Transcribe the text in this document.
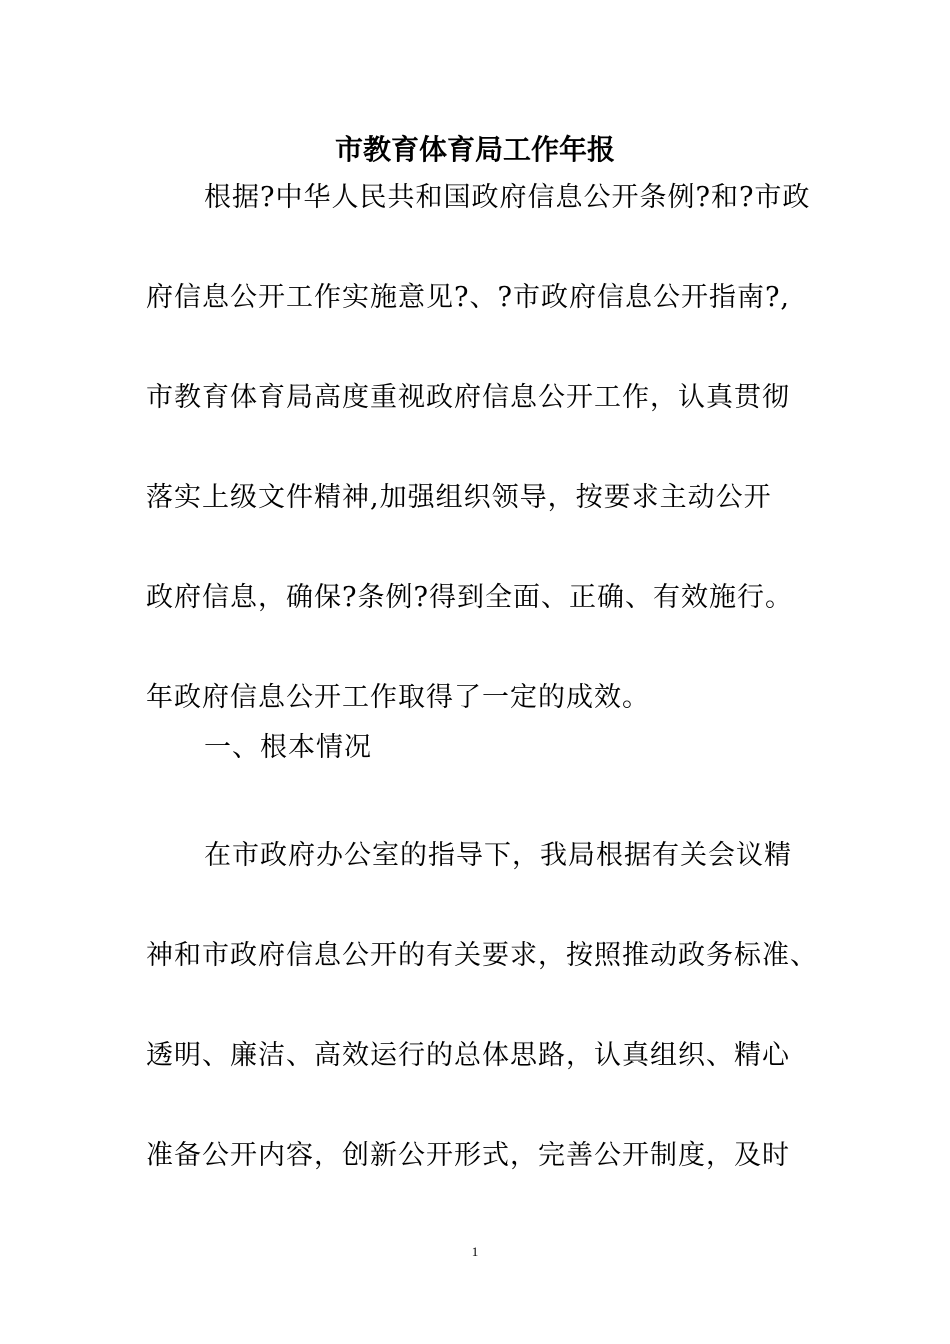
市教育体育局工作年报
根据?中华人民共和国政府信息公开条例?和?市政
府信息公开工作实施意见?、?市政府信息公开指南?,
市教育体育局高度重视政府信息公开工作，认真贯彻
落实上级文件精神,加强组织领导，按要求主动公开
政府信息，确保?条例?得到全面、正确、有效施行。
年政府信息公开工作取得了一定的成效。
一、根本情况
在市政府办公室的指导下，我局根据有关会议精
神和市政府信息公开的有关要求，按照推动政务标准、
透明、廉洁、高效运行的总体思路，认真组织、精心
准备公开内容，创新公开形式，完善公开制度，及时
1
